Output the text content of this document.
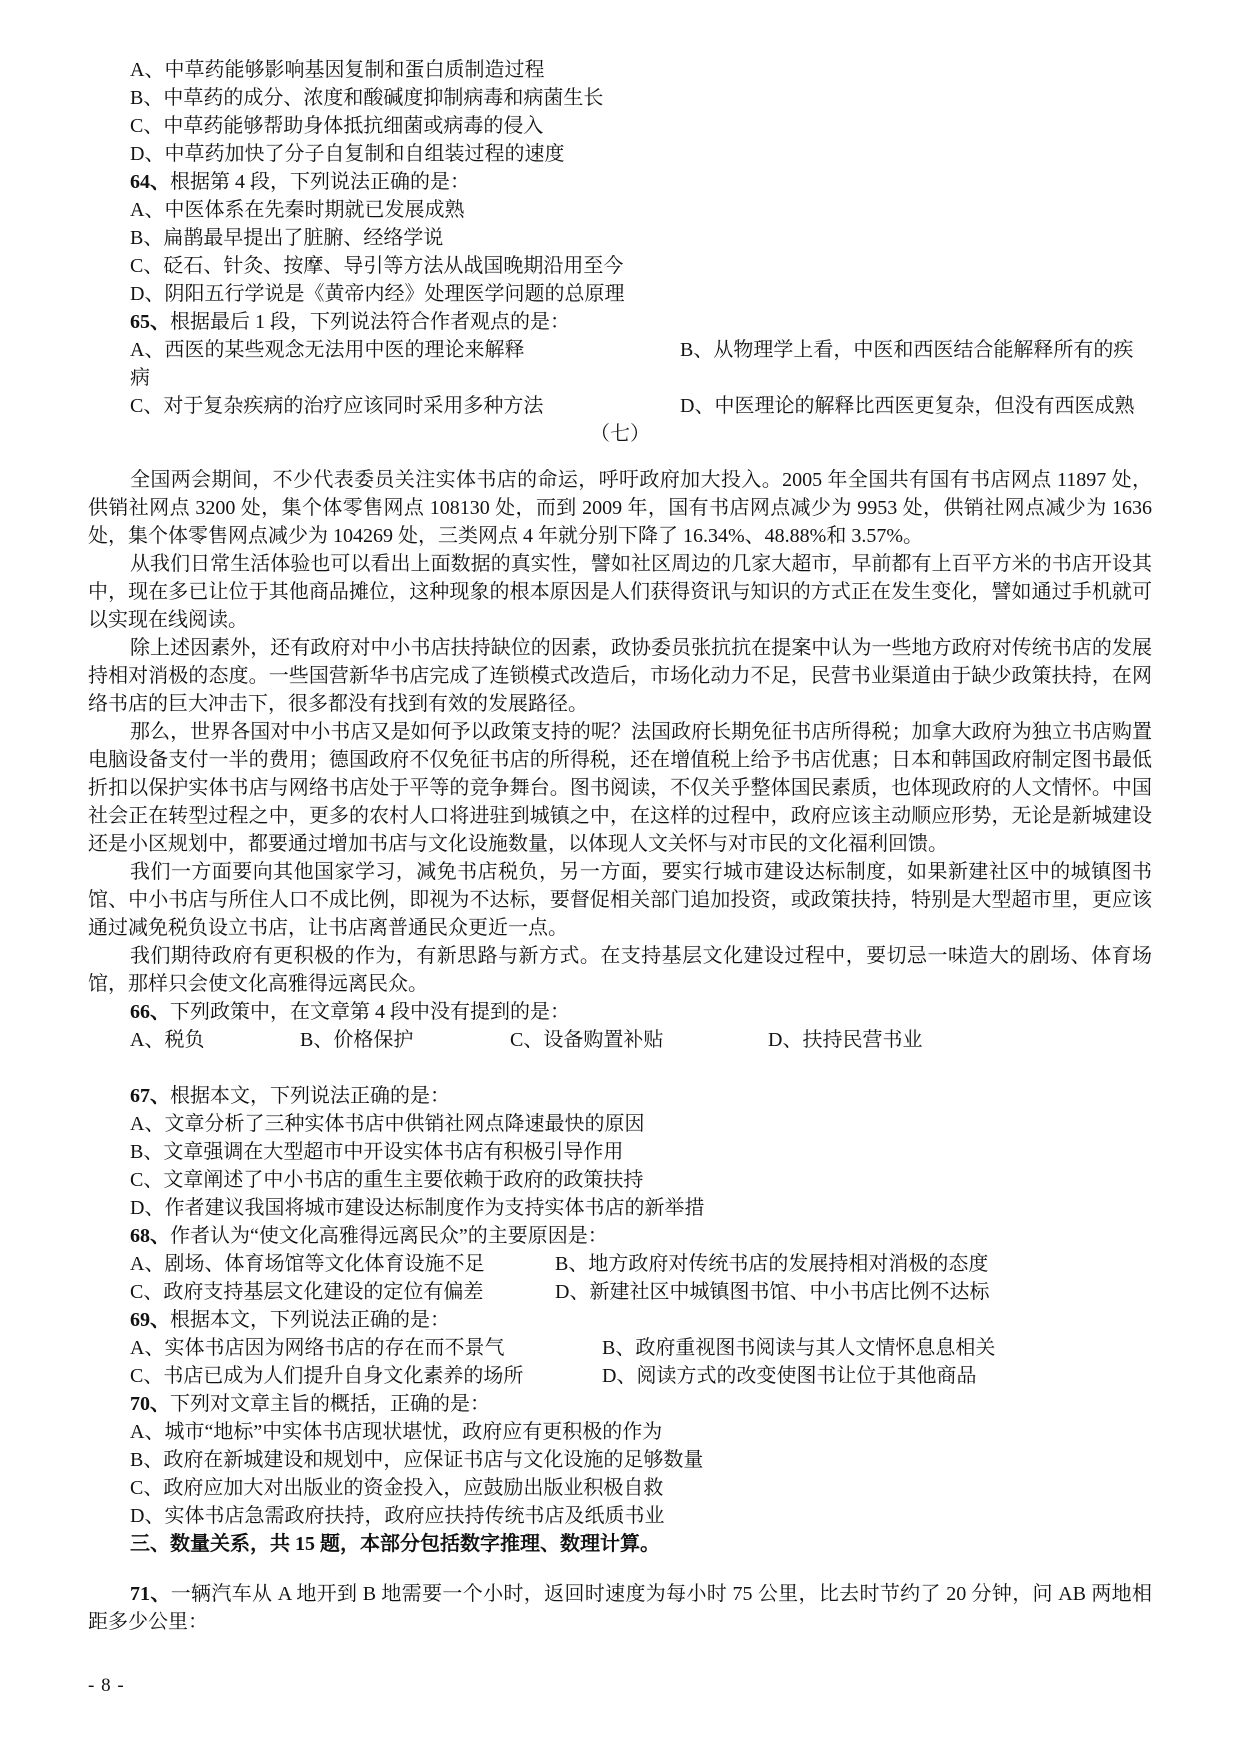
A、中草药能够影响基因复制和蛋白质制造过程
B、中草药的成分、浓度和酸碱度抑制病毒和病菌生长
C、中草药能够帮助身体抵抗细菌或病毒的侵入
D、中草药加快了分子自复制和自组装过程的速度
64、根据第 4 段，下列说法正确的是：
A、中医体系在先秦时期就已发展成熟
B、扁鹊最早提出了脏腑、经络学说
C、砭石、针灸、按摩、导引等方法从战国晚期沿用至今
D、阴阳五行学说是《黄帝内经》处理医学问题的总原理
65、根据最后 1 段，下列说法符合作者观点的是：
A、西医的某些观念无法用中医的理论来解释	B、从物理学上看，中医和西医结合能解释所有的疾病
C、对于复杂疾病的治疗应该同时采用多种方法	D、中医理论的解释比西医更复杂，但没有西医成熟
（七）
全国两会期间，不少代表委员关注实体书店的命运，呼吁政府加大投入。2005 年全国共有国有书店网点 11897 处，供销社网点 3200 处，集个体零售网点 108130 处，而到 2009 年，国有书店网点减少为 9953 处，供销社网点减少为 1636 处，集个体零售网点减少为 104269 处，三类网点 4 年就分别下降了 16.34%、48.88%和 3.57%。
从我们日常生活体验也可以看出上面数据的真实性，譬如社区周边的几家大超市，早前都有上百平方米的书店开设其中，现在多已让位于其他商品摊位，这种现象的根本原因是人们获得资讯与知识的方式正在发生变化，譬如通过手机就可以实现在线阅读。
除上述因素外，还有政府对中小书店扶持缺位的因素，政协委员张抗抗在提案中认为一些地方政府对传统书店的发展持相对消极的态度。一些国营新华书店完成了连锁模式改造后，市场化动力不足，民营书业渠道由于缺少政策扶持，在网络书店的巨大冲击下，很多都没有找到有效的发展路径。
那么，世界各国对中小书店又是如何予以政策支持的呢？法国政府长期免征书店所得税；加拿大政府为独立书店购置电脑设备支付一半的费用；德国政府不仅免征书店的所得税，还在增值税上给予书店优惠；日本和韩国政府制定图书最低折扣以保护实体书店与网络书店处于平等的竞争舞台。图书阅读，不仅关乎整体国民素质，也体现政府的人文情怀。中国社会正在转型过程之中，更多的农村人口将进驻到城镇之中，在这样的过程中，政府应该主动顺应形势，无论是新城建设还是小区规划中，都要通过增加书店与文化设施数量，以体现人文关怀与对市民的文化福利回馈。
我们一方面要向其他国家学习，减免书店税负，另一方面，要实行城市建设达标制度，如果新建社区中的城镇图书馆、中小书店与所住人口不成比例，即视为不达标，要督促相关部门追加投资，或政策扶持，特别是大型超市里，更应该通过减免税负设立书店，让书店离普通民众更近一点。
我们期待政府有更积极的作为，有新思路与新方式。在支持基层文化建设过程中，要切忌一味造大的剧场、体育场馆，那样只会使文化高雅得远离民众。
66、下列政策中，在文章第 4 段中没有提到的是：
A、税负	B、价格保护	C、设备购置补贴	D、扶持民营书业
67、根据本文，下列说法正确的是：
A、文章分析了三种实体书店中供销社网点降速最快的原因
B、文章强调在大型超市中开设实体书店有积极引导作用
C、文章阐述了中小书店的重生主要依赖于政府的政策扶持
D、作者建议我国将城市建设达标制度作为支持实体书店的新举措
68、作者认为“使文化高雅得远离民众”的主要原因是：
A、剧场、体育场馆等文化体育设施不足	B、地方政府对传统书店的发展持相对消极的态度
C、政府支持基层文化建设的定位有偏差	D、新建社区中城镇图书馆、中小书店比例不达标
69、根据本文，下列说法正确的是：
A、实体书店因为网络书店的存在而不景气	B、政府重视图书阅读与其人文情怀息息相关
C、书店已成为人们提升自身文化素养的场所	D、阅读方式的改变使图书让位于其他商品
70、下列对文章主旨的概括，正确的是：
A、城市“地标”中实体书店现状堪忧，政府应有更积极的作为
B、政府在新城建设和规划中，应保证书店与文化设施的足够数量
C、政府应加大对出版业的资金投入，应鼓励出版业积极自救
D、实体书店急需政府扶持，政府应扶持传统书店及纸质书业
三、数量关系，共 15 题，本部分包括数字推理、数理计算。
71、一辆汽车从 A 地开到 B 地需要一个小时，返回时速度为每小时 75 公里，比去时节约了 20 分钟，问 AB 两地相距多少公里：
- 8 -
